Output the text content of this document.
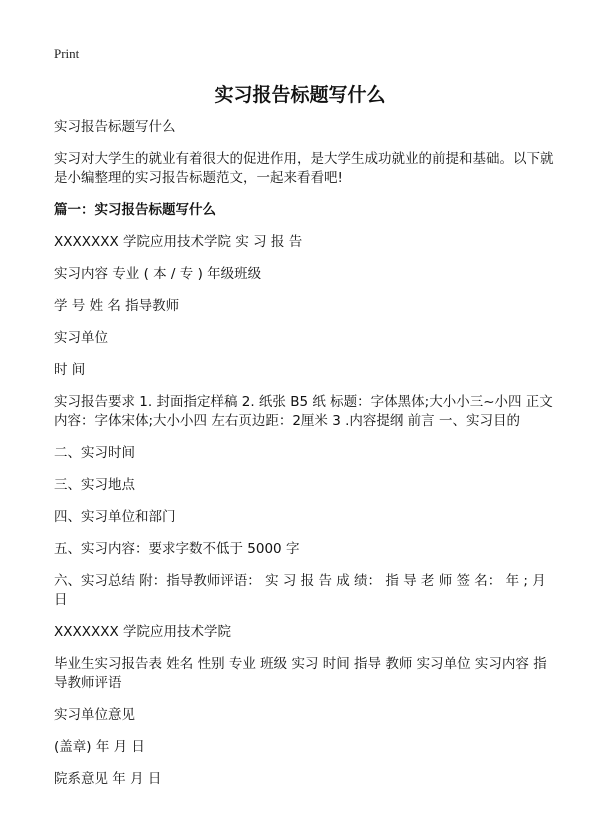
Print
实习报告标题写什么

实习报告标题写什么

实习对大学生的就业有着很大的促进作用，是大学生成功就业的前提和基础。以下就是小编整理的实习报告标题范文，一起来看看吧!

篇一：实习报告标题写什么

XXXXXXX 学院应用技术学院 实 习 报 告

实习内容 专业 ( 本 / 专 ) 年级班级

学 号 姓 名 指导教师

实习单位

时 间

实习报告要求 1. 封面指定样稿 2. 纸张 B5 纸 标题：字体黑体;大小小三~小四 正文内容：字体宋体;大小小四 左右页边距：2厘米 3 .内容提纲 前言 一、实习目的

二、实习时间

三、实习地点

四、实习单位和部门

五、实习内容：要求字数不低于 5000 字

六、实习总结 附：指导教师评语： 实 习 报 告 成 绩： 指 导 老 师 签 名： 年 ; 月 日

XXXXXXX 学院应用技术学院

毕业生实习报告表 姓名 性别 专业 班级 实习 时间 指导 教师 实习单位 实习内容 指导教师评语

实习单位意见

(盖章) 年 月 日

院系意见 年 月 日
